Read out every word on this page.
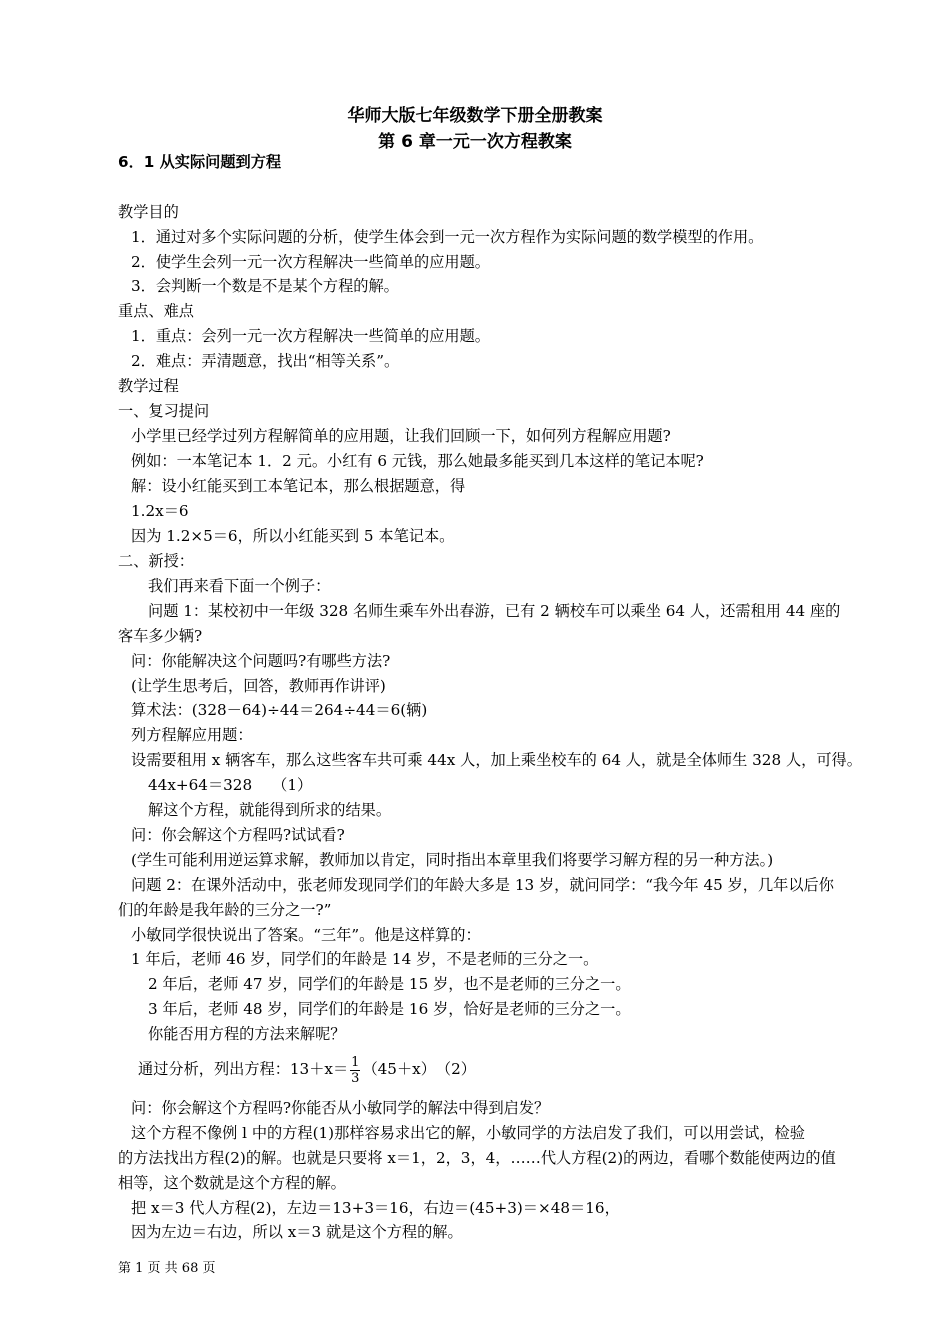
华师大版七年级数学下册全册教案
第 6 章一元一次方程教案
6．1 从实际问题到方程
教学目的
1．通过对多个实际问题的分析，使学生体会到一元一次方程作为实际问题的数学模型的作用。
2．使学生会列一元一次方程解决一些简单的应用题。
3．会判断一个数是不是某个方程的解。
重点、难点
1．重点：会列一元一次方程解决一些简单的应用题。
2．难点：弄清题意，找出“相等关系”。
教学过程
一、复习提问
小学里已经学过列方程解简单的应用题，让我们回顾一下，如何列方程解应用题?
例如：一本笔记本 1．2 元。小红有 6 元钱，那么她最多能买到几本这样的笔记本呢?
解：设小红能买到工本笔记本，那么根据题意，得
1.2x＝6
因为 1.2×5＝6，所以小红能买到 5 本笔记本。
二、新授：
我们再来看下面一个例子：
问题 1：某校初中一年级 328 名师生乘车外出春游，已有 2 辆校车可以乘坐 64 人，还需租用 44 座的
客车多少辆?
问：你能解决这个问题吗?有哪些方法?
(让学生思考后，回答，教师再作讲评)
算术法：(328－64)÷44＝264÷44＝6(辆)
列方程解应用题：
设需要租用 x 辆客车，那么这些客车共可乘 44x 人，加上乘坐校车的 64 人，就是全体师生 328 人，可得。
44x+64＝328　 （1）
解这个方程，就能得到所求的结果。
问：你会解这个方程吗?试试看?
(学生可能利用逆运算求解，教师加以肯定，同时指出本章里我们将要学习解方程的另一种方法。)
问题 2：在课外活动中，张老师发现同学们的年龄大多是 13 岁，就问同学：“我今年 45 岁，几年以后你
们的年龄是我年龄的三分之一?”
小敏同学很快说出了答案。“三年”。他是这样算的：
1 年后，老师 46 岁，同学们的年龄是 14 岁，不是老师的三分之一。
2 年后，老师 47 岁，同学们的年龄是 15 岁，也不是老师的三分之一。
3 年后，老师 48 岁，同学们的年龄是 16 岁，恰好是老师的三分之一。
你能否用方程的方法来解呢？
通过分析，列出方程：$13+x= \frac{1}{3} (45+x)$　（2）
问：你会解这个方程吗?你能否从小敏同学的解法中得到启发？
这个方程不像例 l 中的方程(1)那样容易求出它的解，小敏同学的方法启发了我们，可以用尝试，检验
的方法找出方程(2)的解。也就是只要将 x＝1，2，3，4，……代人方程(2)的两边，看哪个数能使两边的值
相等，这个数就是这个方程的解。
把 x＝3 代人方程(2)，左边＝13+3＝16，右边＝(45+3)＝×48＝16，
因为左边＝右边，所以 x＝3 就是这个方程的解。
第 1 页 共 68 页
